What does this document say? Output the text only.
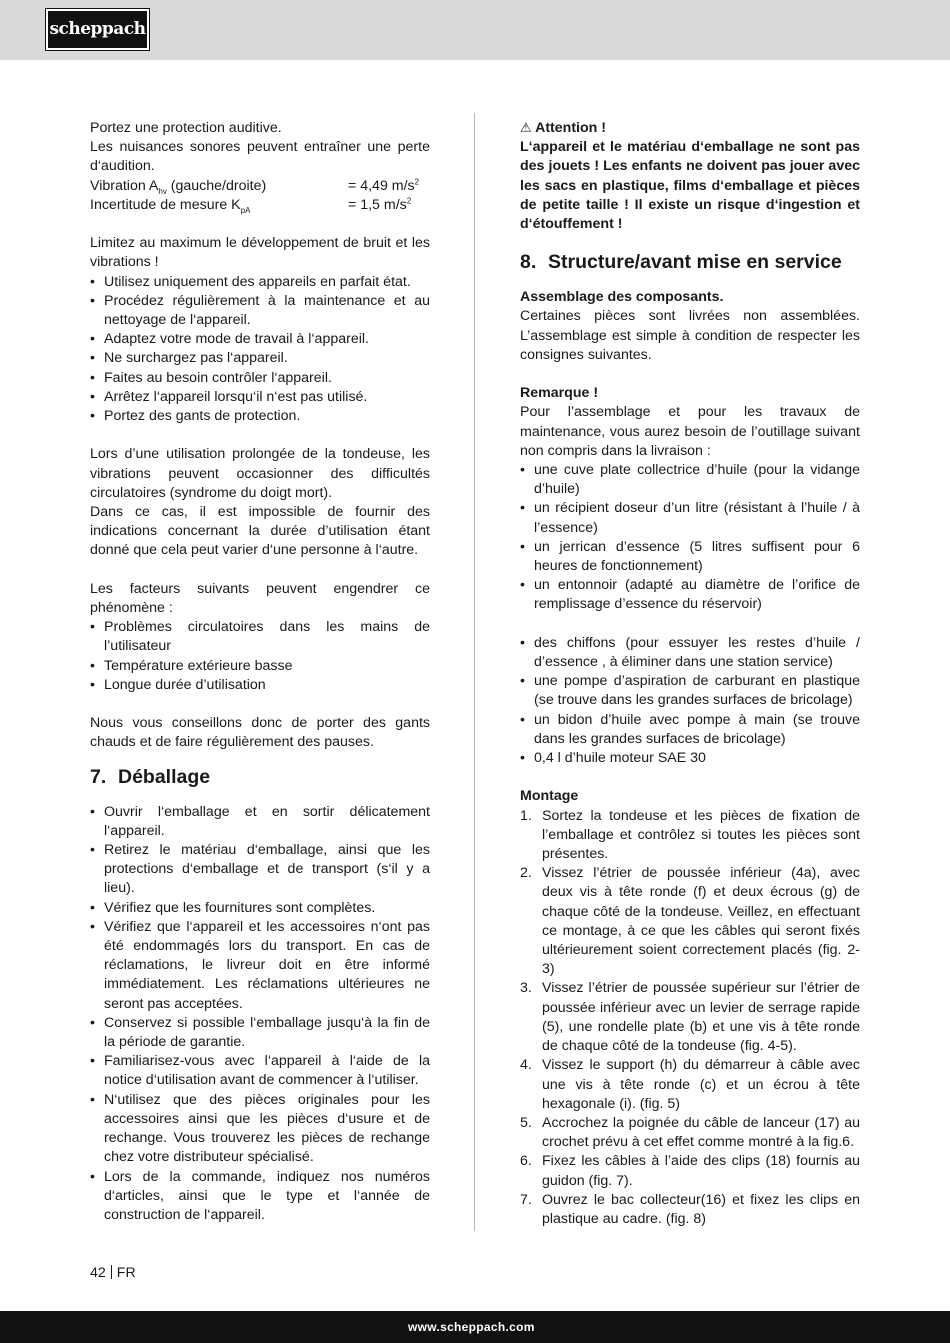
scheppach

Portez une protection auditive.

Les nuisances sonores peuvent entraîner une perte d‘audition.

Vibration $A_{hv}$ (gauche/droite)	= 4,49 $m/s^2$
Incertitude de mesure $K_{pA}$	= 1,5 $m/s^2$

Limitez au maximum le développement de bruit et les vibrations !

• Utilisez uniquement des appareils en parfait état.
• Procédez régulièrement à la maintenance et au nettoyage de l‘appareil.
• Adaptez votre mode de travail à l‘appareil.
• Ne surchargez pas l‘appareil.
• Faites au besoin contrôler l‘appareil.
• Arrêtez l‘appareil lorsqu‘il n‘est pas utilisé.
• Portez des gants de protection.

Lors d’une utilisation prolongée de la tondeuse, les vibrations peuvent occasionner des difficultés circulatoires (syndrome du doigt mort).

Dans ce cas, il est impossible de fournir des indications concernant la durée d’utilisation étant donné que cela peut varier d‘une personne à l‘autre.

Les facteurs suivants peuvent engendrer ce phénomène :

• Problèmes circulatoires dans les mains de l’utilisateur
• Température extérieure basse
• Longue durée d’utilisation

Nous vous conseillons donc de porter des gants chauds et de faire régulièrement des pauses.

7. Déballage
• Ouvrir l‘emballage et en sortir délicatement l‘appareil.
• Retirez le matériau d‘emballage, ainsi que les protections d‘emballage et de transport (s‘il y a lieu).
• Vérifiez que les fournitures sont complètes.
• Vérifiez que l‘appareil et les accessoires n‘ont pas été endommagés lors du transport. En cas de réclamations, le livreur doit en être informé immédiatement. Les réclamations ultérieures ne seront pas acceptées.
• Conservez si possible l‘emballage jusqu‘à la fin de la période de garantie.
• Familiarisez-vous avec l‘appareil à l‘aide de la notice d‘utilisation avant de commencer à l‘utiliser.
• N‘utilisez que des pièces originales pour les accessoires ainsi que les pièces d‘usure et de rechange. Vous trouverez les pièces de rechange chez votre distributeur spécialisé.
• Lors de la commande, indiquez nos numéros d‘articles, ainsi que le type et l‘année de construction de l‘appareil.

⚠ Attention !

L‘appareil et le matériau d‘emballage ne sont pas des jouets ! Les enfants ne doivent pas jouer avec les sacs en plastique, films d‘emballage et pièces de petite taille ! Il existe un risque d‘ingestion et d‘étouffement !

8. Structure/avant mise en service

Assemblage des composants.

Certaines pièces sont livrées non assemblées. L’assemblage est simple à condition de respecter les consignes suivantes.

Remarque !

Pour l’assemblage et pour les travaux de maintenance, vous aurez besoin de l’outillage suivant non compris dans la livraison :

• une cuve plate collectrice d’huile (pour la vidange d’huile)
• un récipient doseur d’un litre (résistant à l’huile / à l’essence)
• un jerrican d’essence (5 litres suffisent pour 6 heures de fonctionnement)
• un entonnoir (adapté au diamètre de l’orifice de remplissage d’essence du réservoir)
• des chiffons (pour essuyer les restes d’huile / d’essence , à éliminer dans une station service)
• une pompe d’aspiration de carburant en plastique (se trouve dans les grandes surfaces de bricolage)
• un bidon d’huile avec pompe à main (se trouve dans les grandes surfaces de bricolage)
• 0,4 l d’huile moteur SAE 30

Montage

1. Sortez la tondeuse et les pièces de fixation de l’emballage et contrôlez si toutes les pièces sont présentes.
2. Vissez l’étrier de poussée inférieur (4a), avec deux vis à tête ronde (f) et deux écrous (g) de chaque côté de la tondeuse. Veillez, en effectuant ce montage, à ce que les câbles qui seront fixés ultérieurement soient correctement placés (fig. 2-3)
3. Vissez l’étrier de poussée supérieur sur l’étrier de poussée inférieur avec un levier de serrage rapide (5), une rondelle plate (b) et une vis à tête ronde de chaque côté de la tondeuse (fig. 4-5).
4. Vissez le support (h) du démarreur à câble avec une vis à tête ronde (c) et un écrou à tête hexagonale (i). (fig. 5)
5. Accrochez la poignée du câble de lanceur (17) au crochet prévu à cet effet comme montré à la fig.6.
6. Fixez les câbles à l’aide des clips (18) fournis au guidon (fig. 7).
7. Ouvrez le bac collecteur(16) et fixez les clips en plastique au cadre. (fig. 8)
42 FR
www.scheppach.com
